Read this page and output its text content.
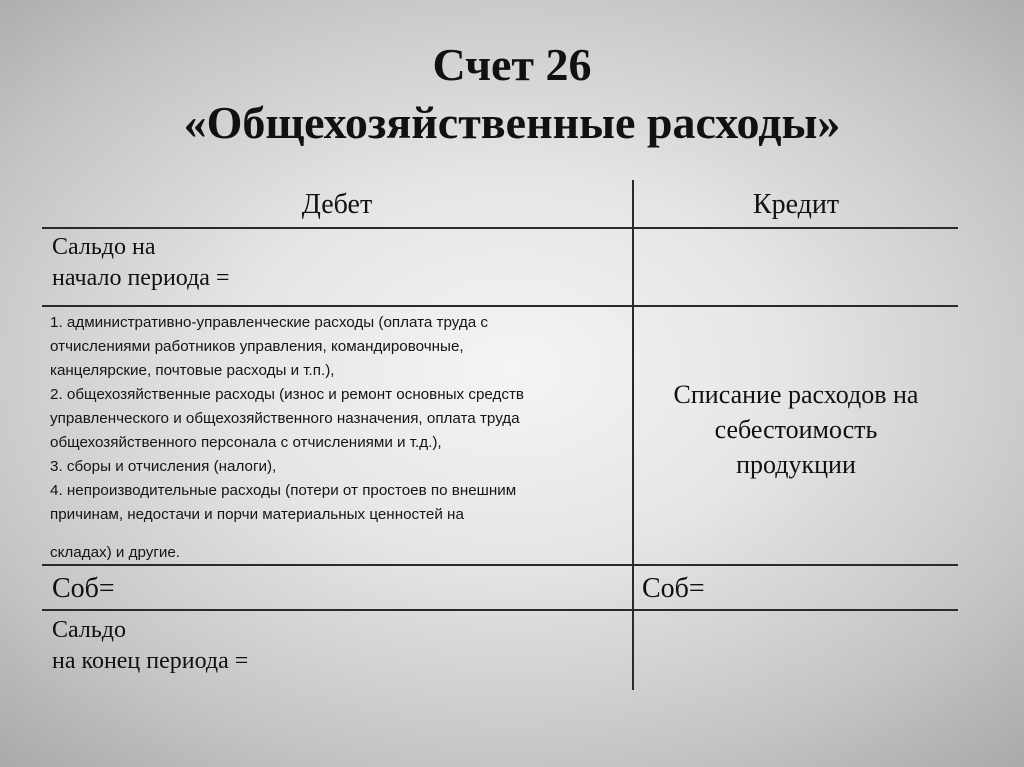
Счет 26
«Общехозяйственные расходы»
Дебет	Кредит
Сальдо на
начало периода =
1. административно-управленческие расходы (оплата труда с
отчислениями работников управления, командировочные,
канцелярские, почтовые расходы и т.п.),
2. общехозяйственные расходы (износ и ремонт основных средств
управленческого и общехозяйственного назначения, оплата труда
общехозяйственного персонала с отчислениями и т.д.),
3. сборы и отчисления (налоги),
4. непроизводительные расходы (потери от простоев по внешним
причинам, недостачи и порчи материальных ценностей на
складах) и другие.
Списание расходов на
себестоимость
продукции
Соб=	Соб=
Сальдо
на конец периода =
